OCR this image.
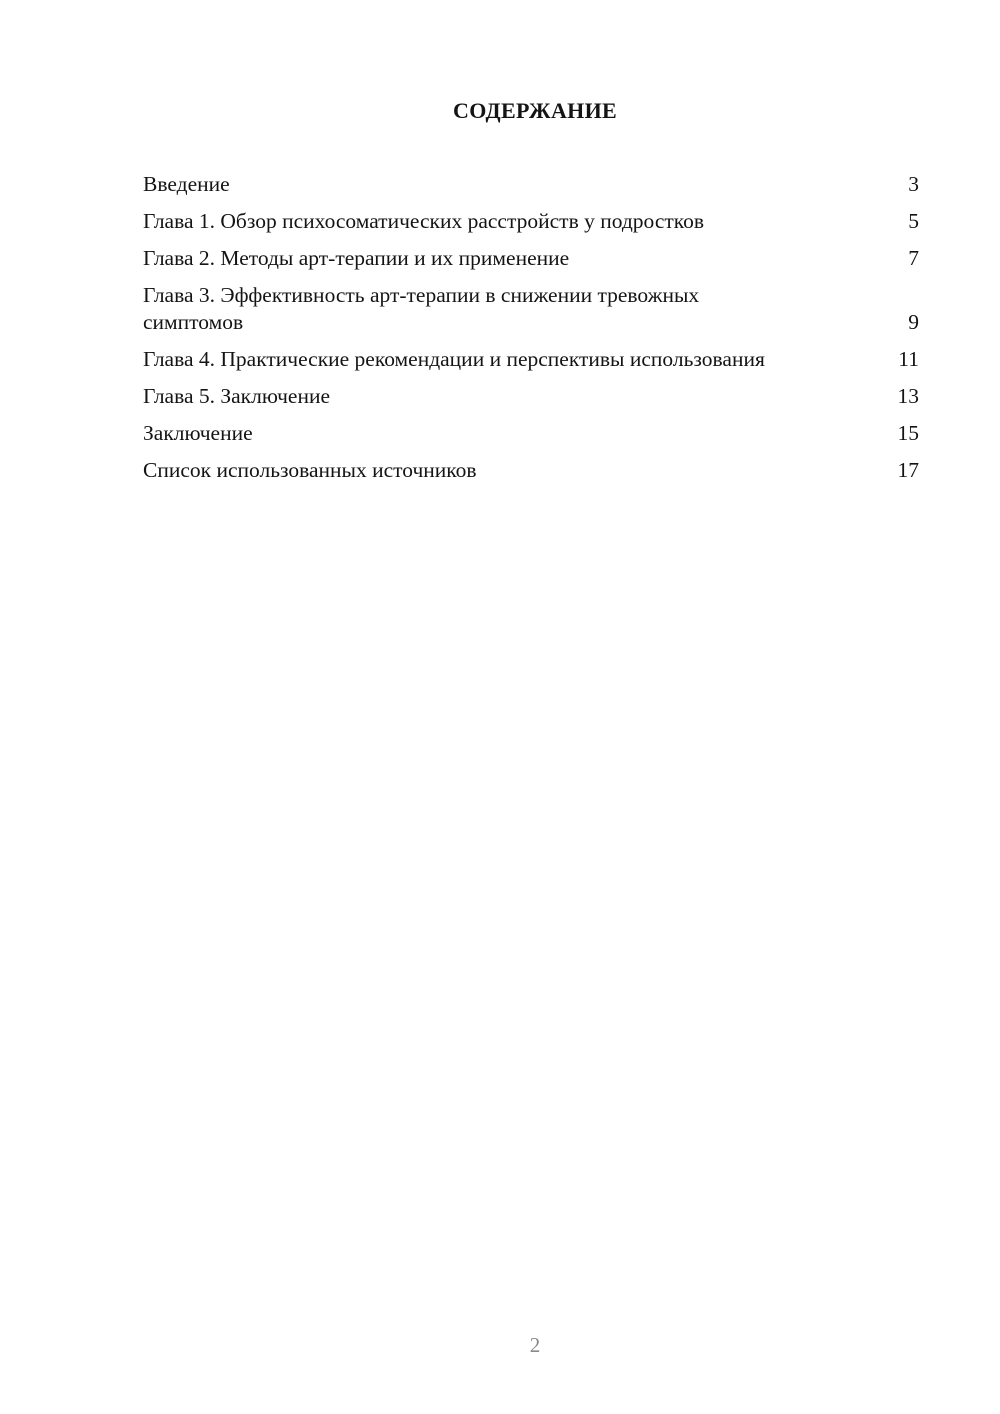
СОДЕРЖАНИЕ
Введение	3
Глава 1. Обзор психосоматических расстройств у подростков	5
Глава 2. Методы арт-терапии и их применение	7
Глава 3. Эффективность арт-терапии в снижении тревожных симптомов	9
Глава 4. Практические рекомендации и перспективы использования	11
Глава 5. Заключение	13
Заключение	15
Список использованных источников	17
2
